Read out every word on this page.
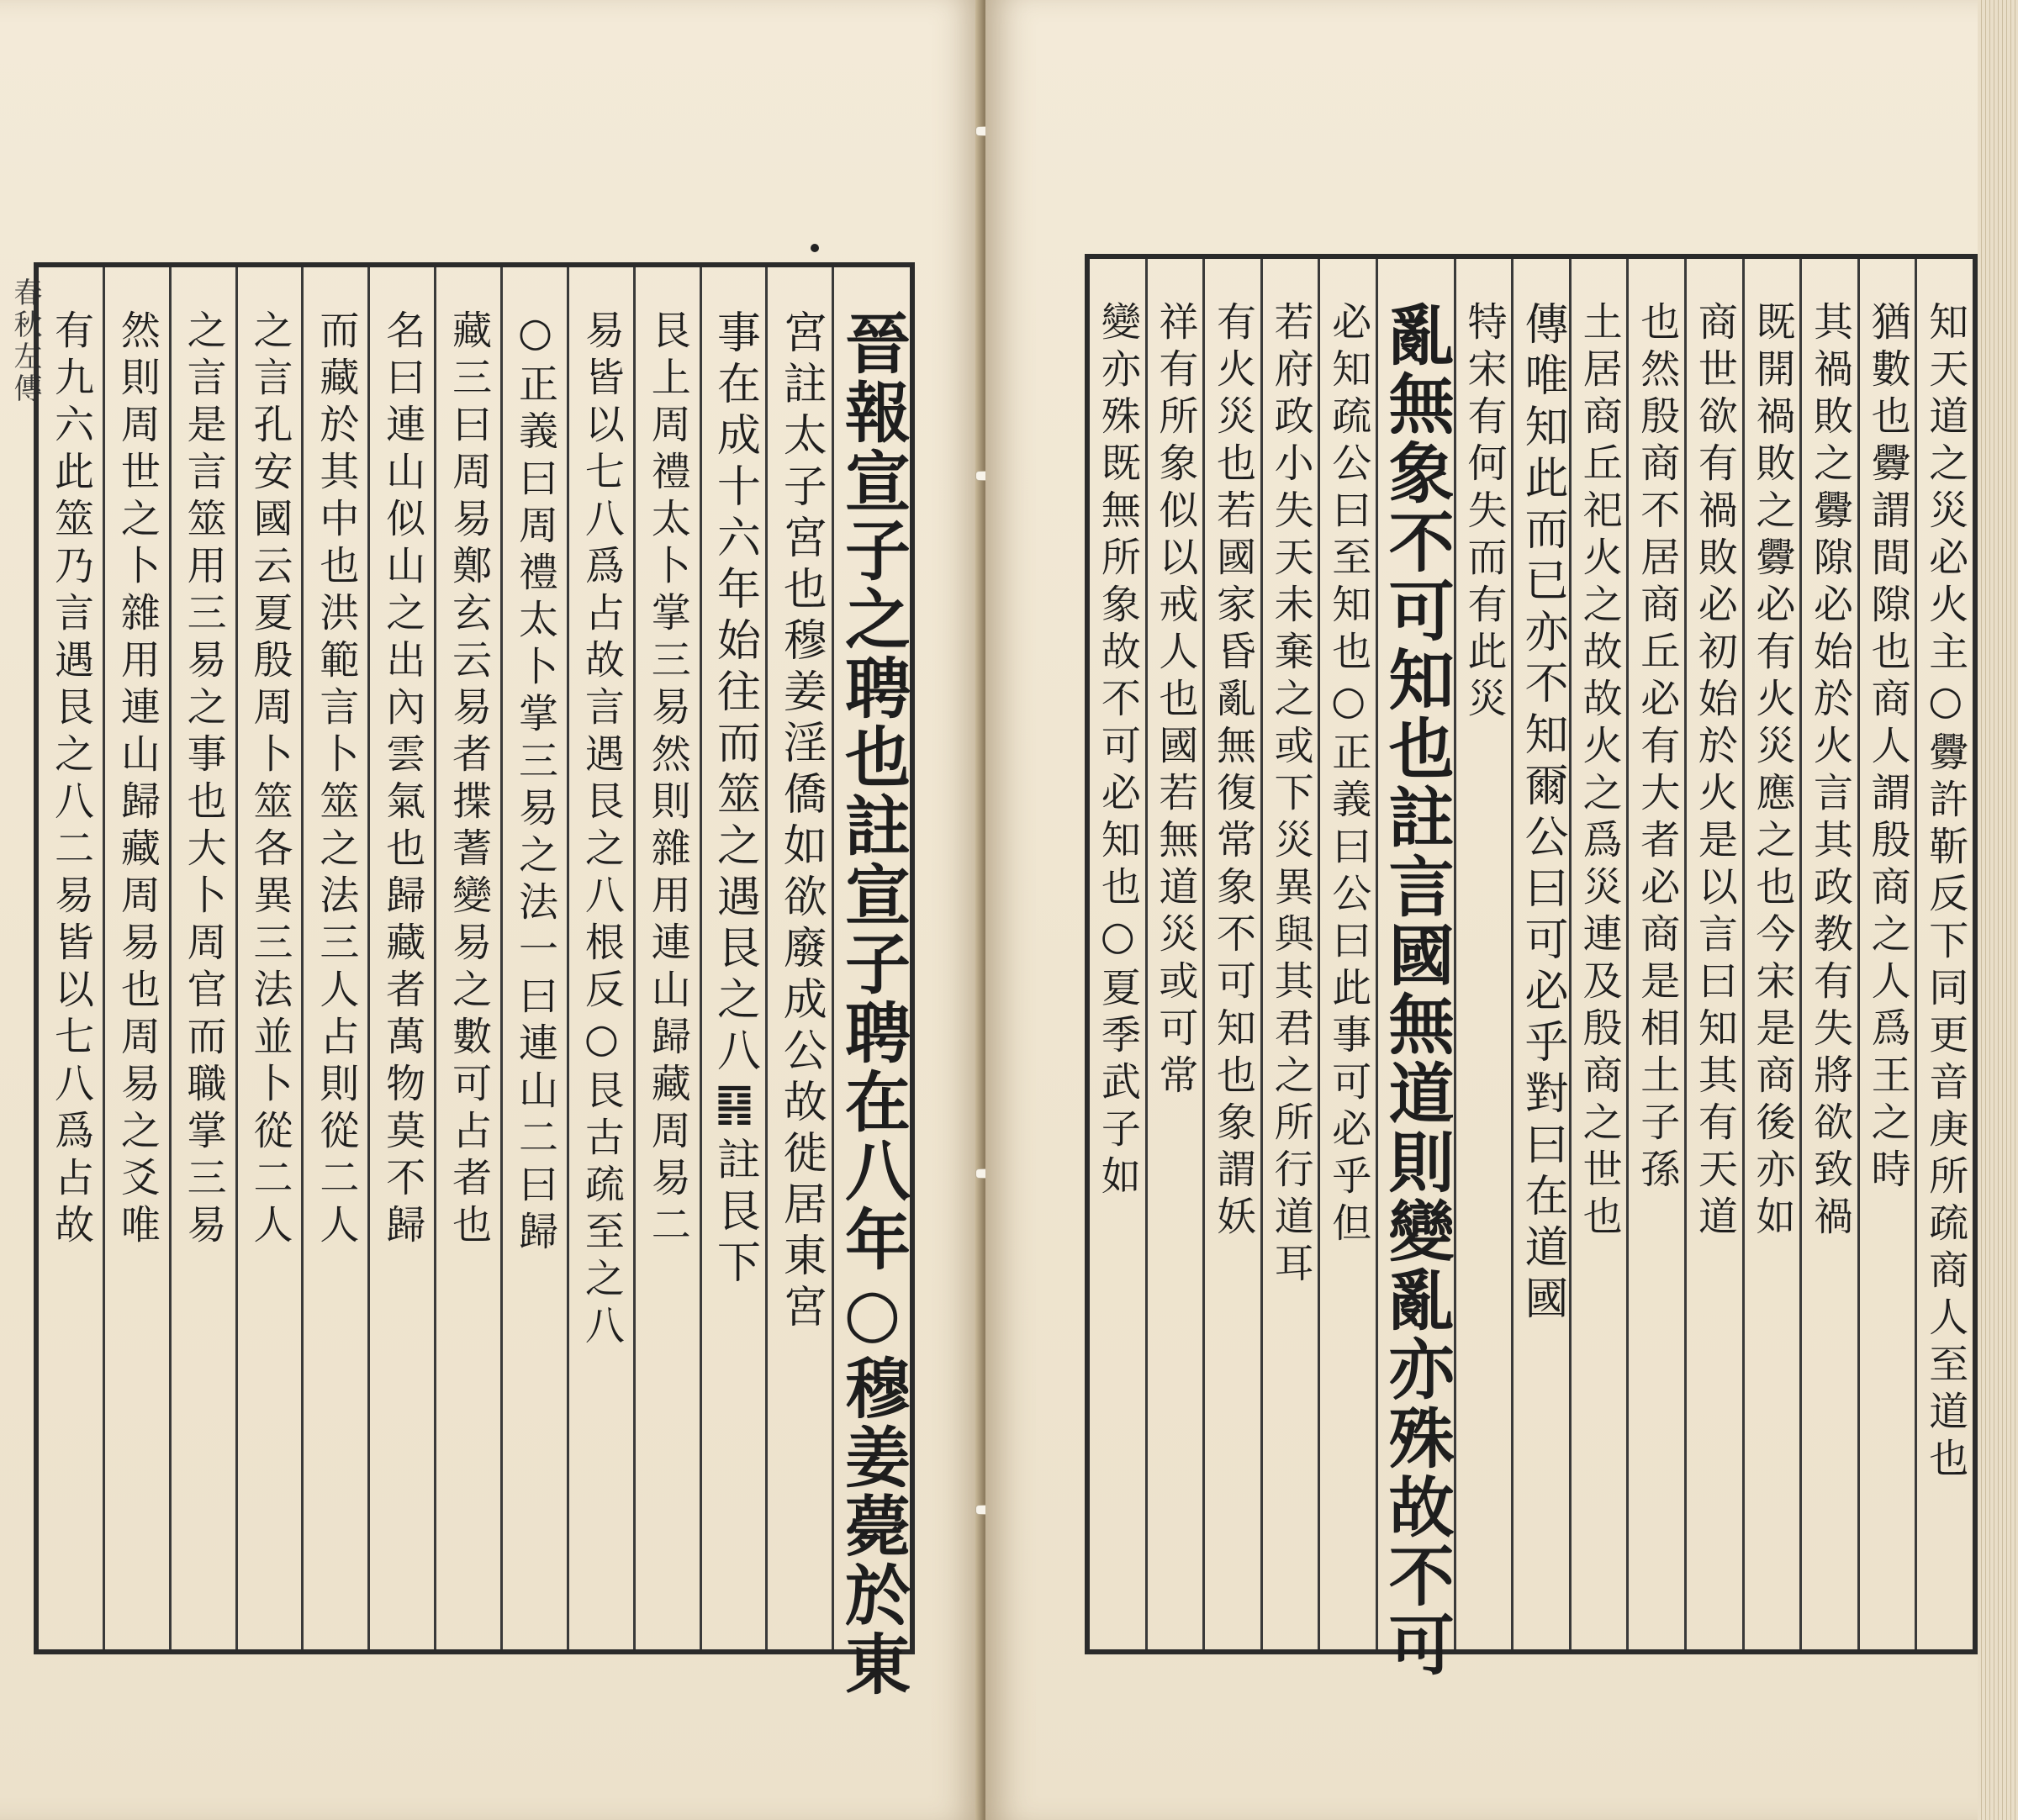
春秋左傳	晉報宣子之聘也註宣子聘在八年○穆姜薨於東
宮註太子宮也穆姜淫僑如欲廢成公故徙居東宮
事在成十六年始往而筮之遇艮之八䷳註艮下
艮上周禮太卜掌三易然則雜用連山歸藏周易二
易皆以七八爲占故言遇艮之八根反○艮古疏至之八
○正義曰周禮太卜掌三易之法一曰連山二曰歸
藏三曰周易鄭玄云易者揲蓍變易之數可占者也
名曰連山似山之出內雲氣也歸藏者萬物莫不歸
而藏於其中也洪範言卜筮之法三人占則從二人
之言孔安國云夏殷周卜筮各異三法並卜從二人
之言是言筮用三易之事也大卜周官而職掌三易
然則周世之卜雜用連山歸藏周易也周易之爻唯
有九六此筮乃言遇艮之八二易皆以七八爲占故	知天道之災必火主○釁許靳反下同更音庚所疏商人至道也
猶數也釁謂間隙也商人謂殷商之人爲王之時
其禍敗之釁隙必始於火言其政教有失將欲致禍
既開禍敗之釁必有火災應之也今宋是商後亦如
商世欲有禍敗必初始於火是以言曰知其有天道
也然殷商不居商丘必有大者必商是相土子孫
土居商丘祀火之故故火之爲災連及殷商之世也
傳唯知此而已亦不知爾公曰可必乎對曰在道國
特宋有何失而有此災
亂無象不可知也註言國無道則變亂亦殊故不可
必知疏公曰至知也○正義曰公曰此事可必乎但
若府政小失天未棄之或下災異與其君之所行道耳
有火災也若國家昏亂無復常象不可知也象謂妖
祥有所象似以戒人也國若無道災或可常
變亦殊既無所象故不可必知也○夏季武子如
